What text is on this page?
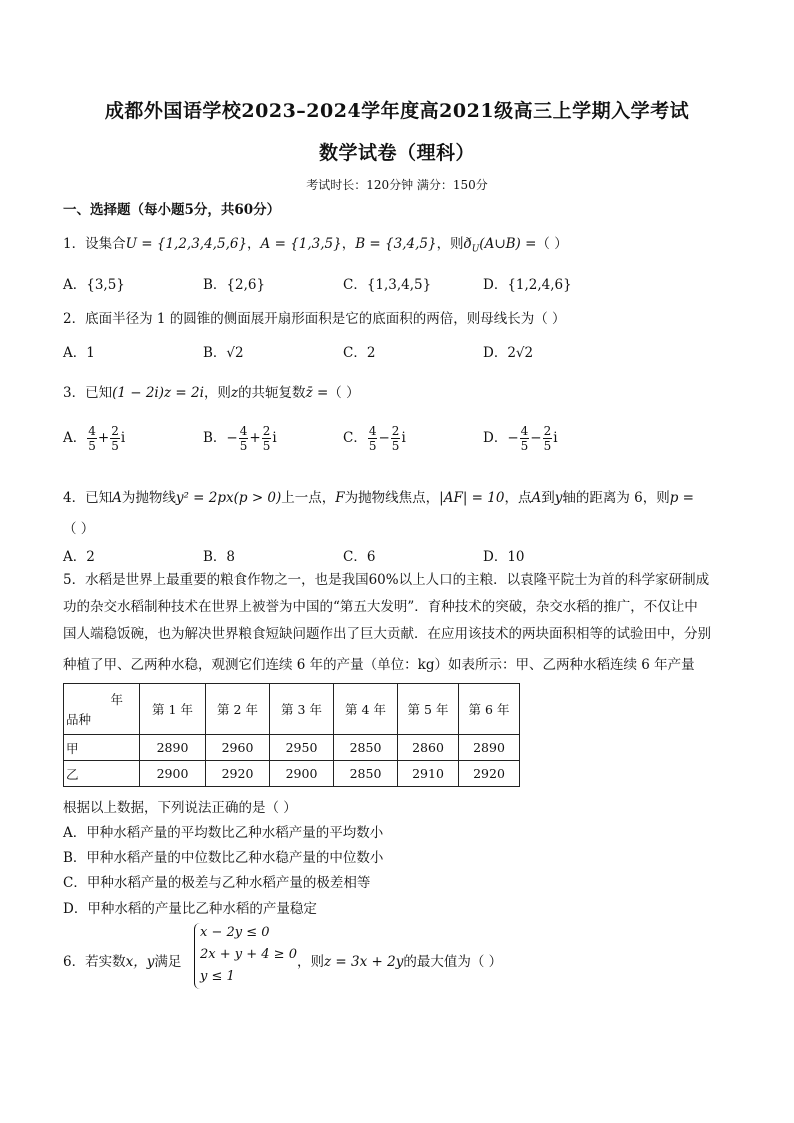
成都外国语学校2023–2024学年度高2021级高三上学期入学考试
数学试卷（理科）
考试时长：120分钟 满分：150分
一、选择题（每小题5分，共60分）
1．设集合U = {1,2,3,4,5,6}，A = {1,3,5}，B = {3,4,5}，则$ð_U(A\cup B)$ =（ ）
A．{3,5}	B．{2,6}	C．{1,3,4,5}	D．{1,2,4,6}
2．底面半径为 1 的圆锥的侧面展开扇形面积是它的底面积的两倍，则母线长为（ ）
A．1	B．√2	C．2	D．2√2
3．已知(1 − 2i)z = 2i，则z的共轭复数z̄ =（ ）
A． $\frac{4}{5} + \frac{2}{5}$ i	B．− $\frac{4}{5} + \frac{2}{5}$ i	C． $\frac{4}{5} - \frac{2}{5}$ i	D．− $\frac{4}{5} - \frac{2}{5}$ i
4．已知A为抛物线y² = 2px(p > 0)上一点，F为抛物线焦点，|AF| = 10，点A到y轴的距离为 6，则p =
（ ）
A．2	B．8	C．6	D．10
5．水稻是世界上最重要的粮食作物之一，也是我国60%以上人口的主粮．以袁隆平院士为首的科学家研制成
功的杂交水稻制种技术在世界上被誉为中国的“第五大发明”．育种技术的突破，杂交水稻的推广，不仅让中
国人端稳饭碗，也为解决世界粮食短缺问题作出了巨大贡献．在应用该技术的两块面积相等的试验田中，分别
种植了甲、乙两种水稳，观测它们连续 6 年的产量（单位：kg）如表所示：甲、乙两种水稻连续 6 年产量
年
品种	第 1 年	第 2 年	第 3 年	第 4 年	第 5 年	第 6 年
甲	2890	2960	2950	2850	2860	2890
乙	2900	2920	2900	2850	2910	2920
根据以上数据，下列说法正确的是（ ）
A．甲种水稻产量的平均数比乙种水稻产量的平均数小
B．甲种水稻产量的中位数比乙种水稳产量的中位数小
C．甲种水稻产量的极差与乙种水稻产量的极差相等
D．甲种水稻的产量比乙种水稻的产量稳定
6．若实数x，y满足
x − 2y ≤ 0
2x + y + 4 ≥ 0
y ≤ 1
，则z = 3x + 2y的最大值为（ ）
